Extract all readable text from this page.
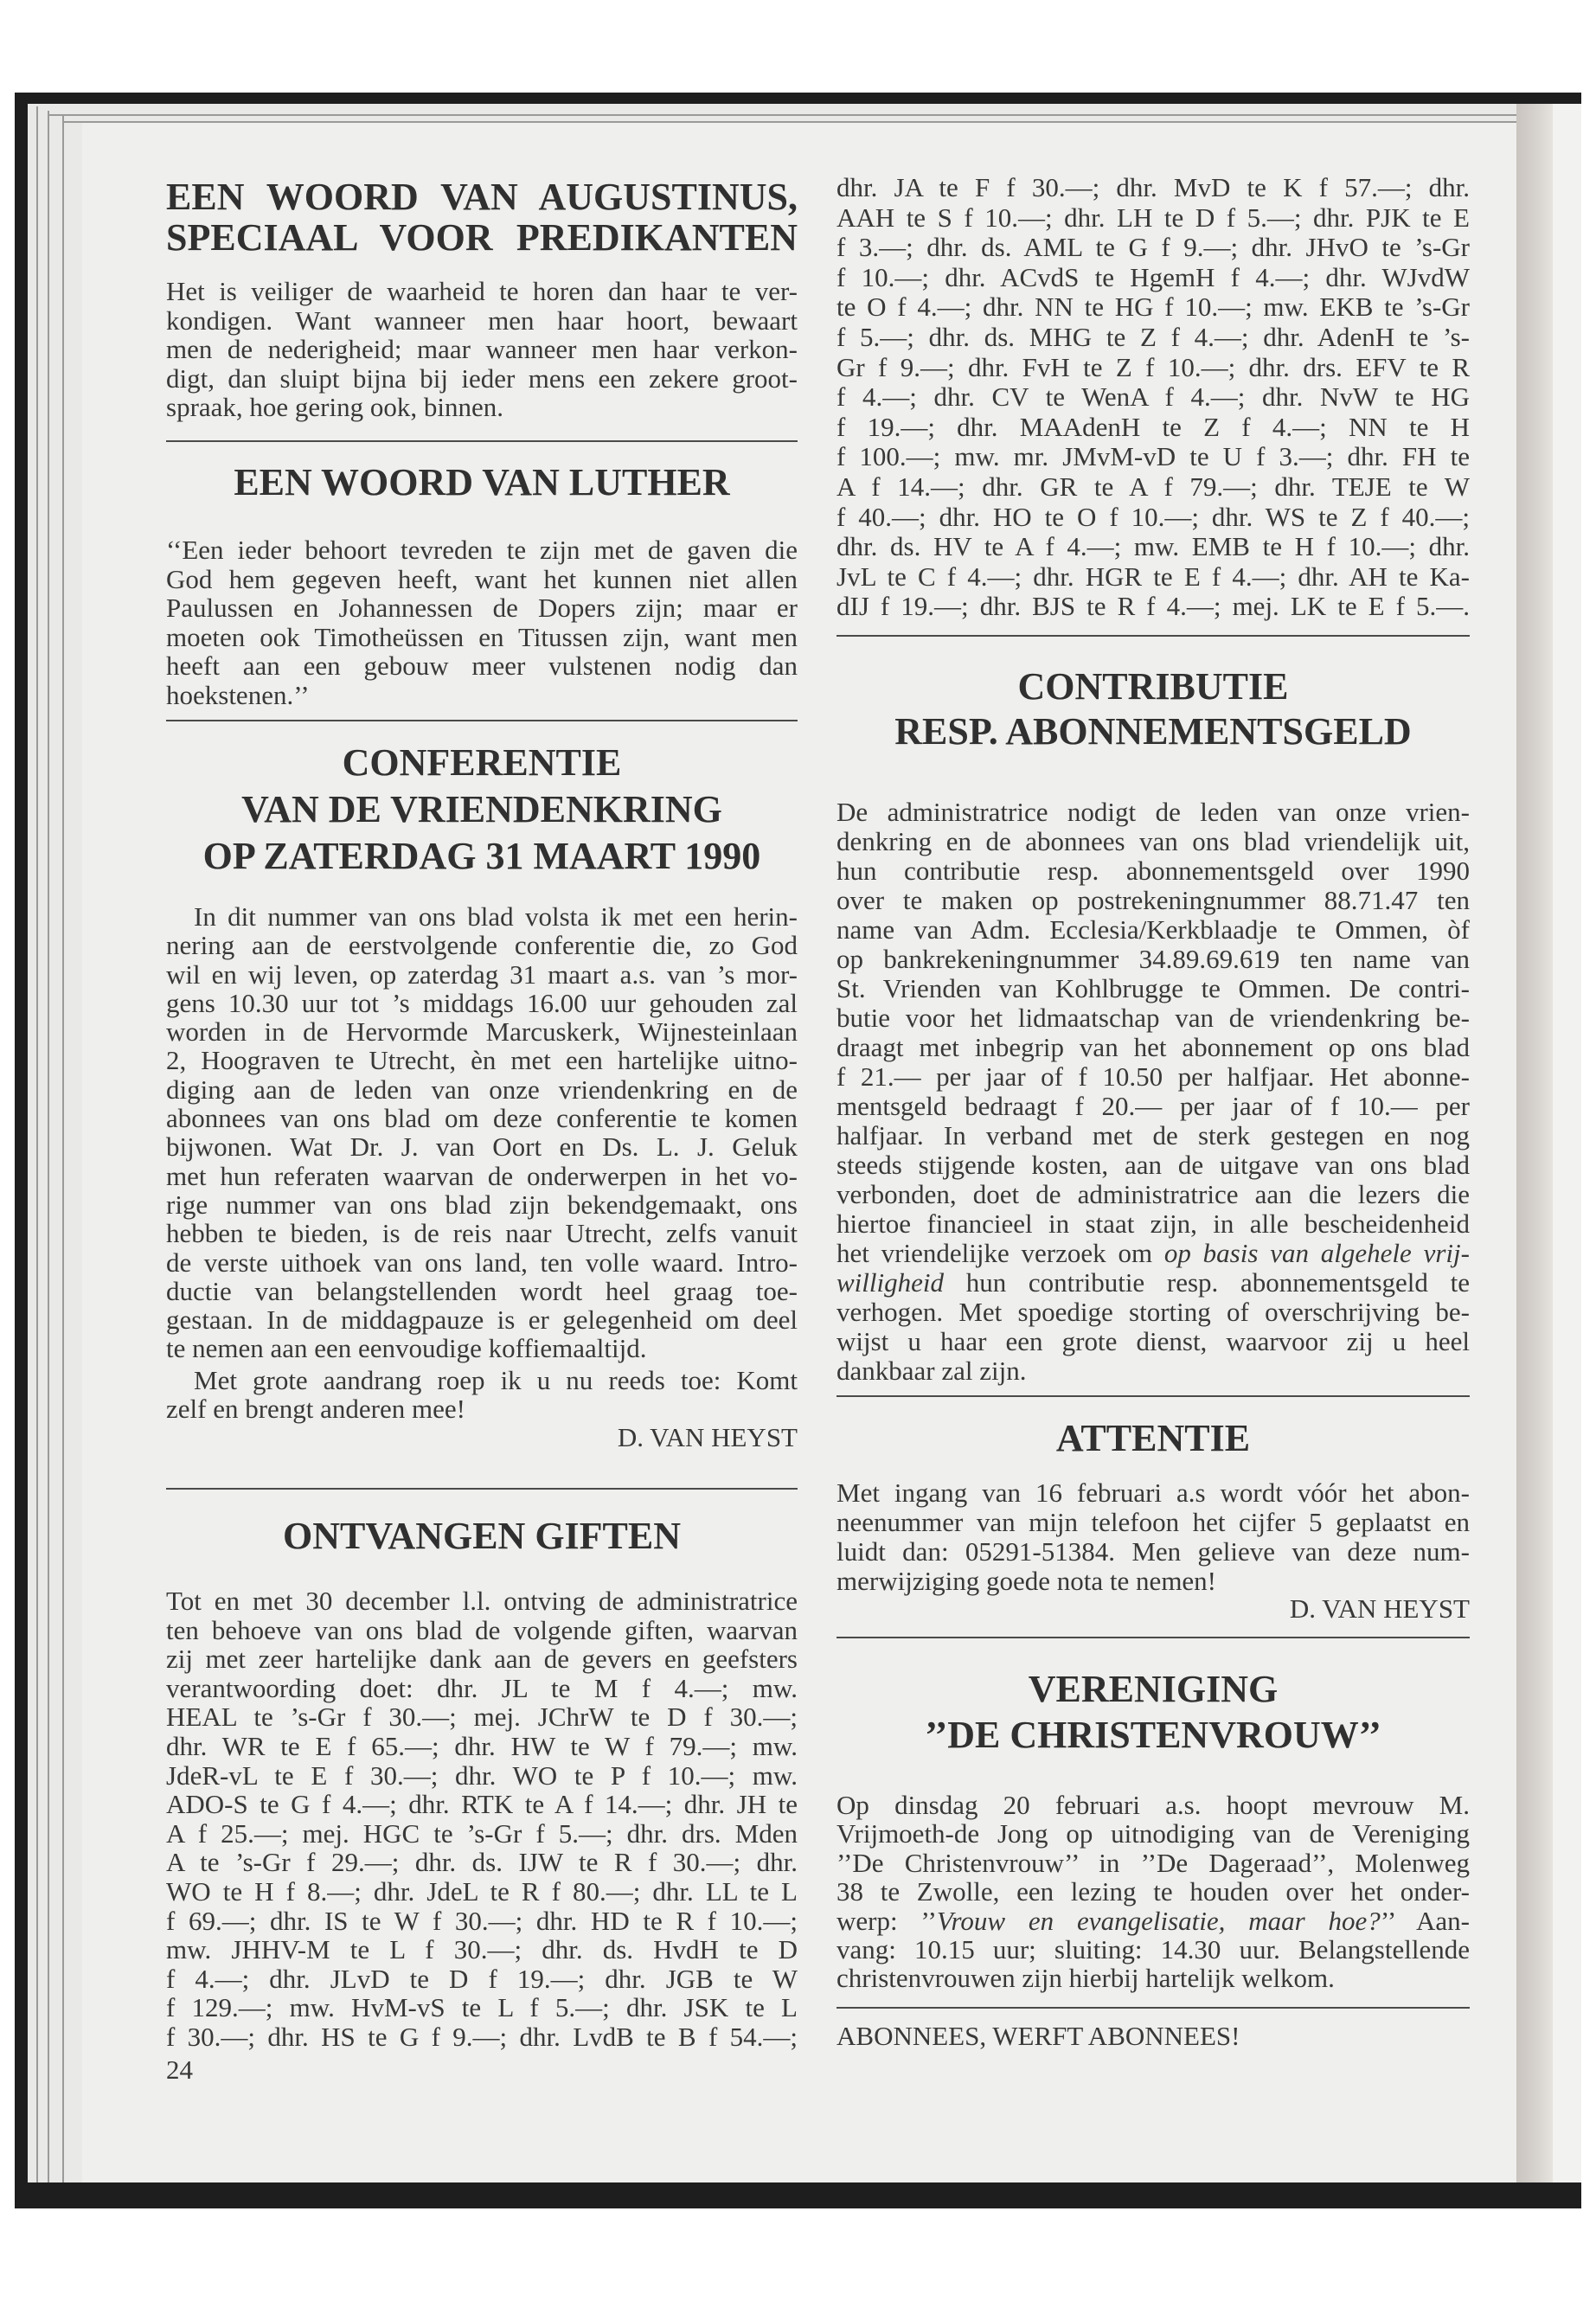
EEN WOORD VAN AUGUSTINUS,
SPECIAAL VOOR PREDIKANTEN
Het is veiliger de waarheid te horen dan haar te ver-
kondigen. Want wanneer men haar hoort, bewaart
men de nederigheid; maar wanneer men haar verkon-
digt, dan sluipt bijna bij ieder mens een zekere groot-
spraak, hoe gering ook, binnen.
EEN WOORD VAN LUTHER
‘‘Een ieder behoort tevreden te zijn met de gaven die
God hem gegeven heeft, want het kunnen niet allen
Paulussen en Johannessen de Dopers zijn; maar er
moeten ook Timotheüssen en Titussen zijn, want men
heeft aan een gebouw meer vulstenen nodig dan
hoekstenen.’’
CONFERENTIE
VAN DE VRIENDENKRING
OP ZATERDAG 31 MAART 1990
In dit nummer van ons blad volsta ik met een herin-
nering aan de eerstvolgende conferentie die, zo God
wil en wij leven, op zaterdag 31 maart a.s. van ’s mor-
gens 10.30 uur tot ’s middags 16.00 uur gehouden zal
worden in de Hervormde Marcuskerk, Wijnesteinlaan
2, Hoograven te Utrecht, èn met een hartelijke uitno-
diging aan de leden van onze vriendenkring en de
abonnees van ons blad om deze conferentie te komen
bijwonen. Wat Dr. J. van Oort en Ds. L. J. Geluk
met hun referaten waarvan de onderwerpen in het vo-
rige nummer van ons blad zijn bekendgemaakt, ons
hebben te bieden, is de reis naar Utrecht, zelfs vanuit
de verste uithoek van ons land, ten volle waard. Intro-
ductie van belangstellenden wordt heel graag toe-
gestaan. In de middagpauze is er gelegenheid om deel
te nemen aan een eenvoudige koffiemaaltijd.
Met grote aandrang roep ik u nu reeds toe: Komt
zelf en brengt anderen mee!
D. VAN HEYST
ONTVANGEN GIFTEN
Tot en met 30 december l.l. ontving de administratrice
ten behoeve van ons blad de volgende giften, waarvan
zij met zeer hartelijke dank aan de gevers en geefsters
verantwoording doet: dhr. JL te M f 4.—; mw.
HEAL te ’s-Gr f 30.—; mej. JChrW te D f 30.—;
dhr. WR te E f 65.—; dhr. HW te W f 79.—; mw.
JdeR-vL te E f 30.—; dhr. WO te P f 10.—; mw.
ADO-S te G f 4.—; dhr. RTK te A f 14.—; dhr. JH te
A f 25.—; mej. HGC te ’s-Gr f 5.—; dhr. drs. Mden
A te ’s-Gr f 29.—; dhr. ds. IJW te R f 30.—; dhr.
WO te H f 8.—; dhr. JdeL te R f 80.—; dhr. LL te L
f 69.—; dhr. IS te W f 30.—; dhr. HD te R f 10.—;
mw. JHHV-M te L f 30.—; dhr. ds. HvdH te D
f 4.—; dhr. JLvD te D f 19.—; dhr. JGB te W
f 129.—; mw. HvM-vS te L f 5.—; dhr. JSK te L
f 30.—; dhr. HS te G f 9.—; dhr. LvdB te B f 54.—;
24
dhr. JA te F f 30.—; dhr. MvD te K f 57.—; dhr.
AAH te S f 10.—; dhr. LH te D f 5.—; dhr. PJK te E
f 3.—; dhr. ds. AML te G f 9.—; dhr. JHvO te ’s-Gr
f 10.—; dhr. ACvdS te HgemH f 4.—; dhr. WJvdW
te O f 4.—; dhr. NN te HG f 10.—; mw. EKB te ’s-Gr
f 5.—; dhr. ds. MHG te Z f 4.—; dhr. AdenH te ’s-
Gr f 9.—; dhr. FvH te Z f 10.—; dhr. drs. EFV te R
f 4.—; dhr. CV te WenA f 4.—; dhr. NvW te HG
f 19.—; dhr. MAAdenH te Z f 4.—; NN te H
f 100.—; mw. mr. JMvM-vD te U f 3.—; dhr. FH te
A f 14.—; dhr. GR te A f 79.—; dhr. TEJE te W
f 40.—; dhr. HO te O f 10.—; dhr. WS te Z f 40.—;
dhr. ds. HV te A f 4.—; mw. EMB te H f 10.—; dhr.
JvL te C f 4.—; dhr. HGR te E f 4.—; dhr. AH te Ka-
dIJ f 19.—; dhr. BJS te R f 4.—; mej. LK te E f 5.—.
CONTRIBUTIE
RESP. ABONNEMENTSGELD
De administratrice nodigt de leden van onze vrien-
denkring en de abonnees van ons blad vriendelijk uit,
hun contributie resp. abonnementsgeld over 1990
over te maken op postrekeningnummer 88.71.47 ten
name van Adm. Ecclesia/Kerkblaadje te Ommen, òf
op bankrekeningnummer 34.89.69.619 ten name van
St. Vrienden van Kohlbrugge te Ommen. De contri-
butie voor het lidmaatschap van de vriendenkring be-
draagt met inbegrip van het abonnement op ons blad
f 21.— per jaar of f 10.50 per halfjaar. Het abonne-
mentsgeld bedraagt f 20.— per jaar of f 10.— per
halfjaar. In verband met de sterk gestegen en nog
steeds stijgende kosten, aan de uitgave van ons blad
verbonden, doet de administratrice aan die lezers die
hiertoe financieel in staat zijn, in alle bescheidenheid
het vriendelijke verzoek om op basis van algehele vrij-
willigheid hun contributie resp. abonnementsgeld te
verhogen. Met spoedige storting of overschrijving be-
wijst u haar een grote dienst, waarvoor zij u heel
dankbaar zal zijn.
ATTENTIE
Met ingang van 16 februari a.s wordt vóór het abon-
neenummer van mijn telefoon het cijfer 5 geplaatst en
luidt dan: 05291-51384. Men gelieve van deze num-
merwijziging goede nota te nemen!
D. VAN HEYST
VERENIGING
’’DE CHRISTENVROUW’’
Op dinsdag 20 februari a.s. hoopt mevrouw M.
Vrijmoeth-de Jong op uitnodiging van de Vereniging
’’De Christenvrouw’’ in ’’De Dageraad’’, Molenweg
38 te Zwolle, een lezing te houden over het onder-
werp: ’’Vrouw en evangelisatie, maar hoe?’’ Aan-
vang: 10.15 uur; sluiting: 14.30 uur. Belangstellende
christenvrouwen zijn hierbij hartelijk welkom.
ABONNEES, WERFT ABONNEES!
